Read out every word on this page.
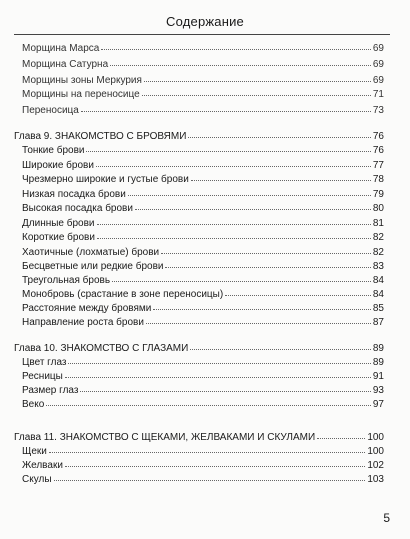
Содержание
Морщина Марса	69
Морщина Сатурна	69
Морщины зоны Меркурия	69
Морщины на переносице	71
Переносица	73
Глава 9. ЗНАКОМСТВО С БРОВЯМИ	76
Тонкие брови	76
Широкие брови	77
Чрезмерно широкие и густые брови	78
Низкая посадка брови	79
Высокая посадка брови	80
Длинные брови	81
Короткие брови	82
Хаотичные (лохматые) брови	82
Бесцветные или редкие брови	83
Треугольная бровь	84
Монобровь (срастание в зоне переносицы)	84
Расстояние между бровями	85
Направление роста брови	87
Глава 10. ЗНАКОМСТВО С ГЛАЗАМИ	89
Цвет глаз	89
Ресницы	91
Размер глаз	93
Веко	97
Глава 11. ЗНАКОМСТВО С ЩЕКАМИ, ЖЕЛВАКАМИ И СКУЛАМИ	100
Щеки	100
Желваки	102
Скулы	103
5
